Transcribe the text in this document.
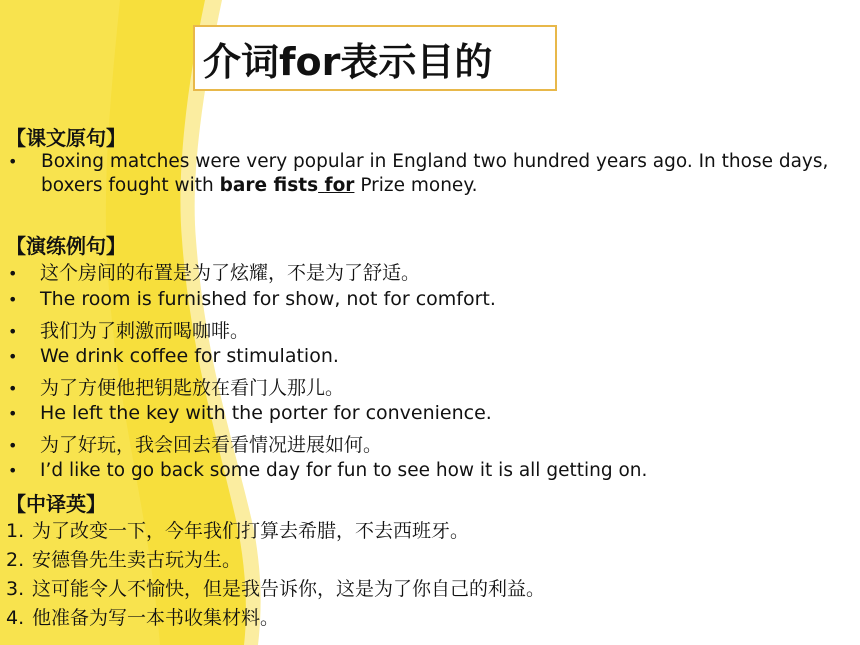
介词for表示目的
【课文原句】
•	Boxing matches were very popular in England two hundred years ago. In those days,
boxers fought with bare fists for Prize money.
【演练例句】
• 这个房间的布置是为了炫耀，不是为了舒适。
• The room is furnished for show, not for comfort.
• 我们为了刺激而喝咖啡。
• We drink coffee for stimulation.
• 为了方便他把钥匙放在看门人那儿。
• He left the key with the porter for convenience.
• 为了好玩，我会回去看看情况进展如何。
• I’d like to go back some day for fun to see how it is all getting on.
【中译英】
1. 为了改变一下，今年我们打算去希腊，不去西班牙。
2. 安德鲁先生卖古玩为生。
3. 这可能令人不愉快，但是我告诉你，这是为了你自己的利益。
4. 他准备为写一本书收集材料。
